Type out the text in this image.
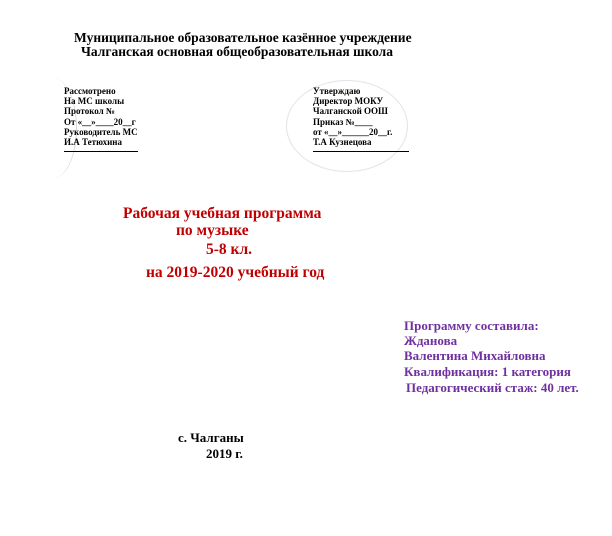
Муниципальное образовательное казённое учреждение
Чалганская основная общеобразовательная школа
Рассмотрено
На МС школы
Протокол №
От «__»____20__г
Руководитель МС
И.А Тетюхина
Утверждаю
Директор МОКУ
Чалганской ООШ
Приказ №____
от «__»______20__г.
Т.А Кузнецова
Рабочая учебная программа
по музыке
5-8 кл.
на 2019-2020 учебный год
Программу составила:
Жданова
Валентина Михайловна
Квалификация: 1 категория
Педагогический стаж: 40 лет.
с. Чалганы
2019 г.
